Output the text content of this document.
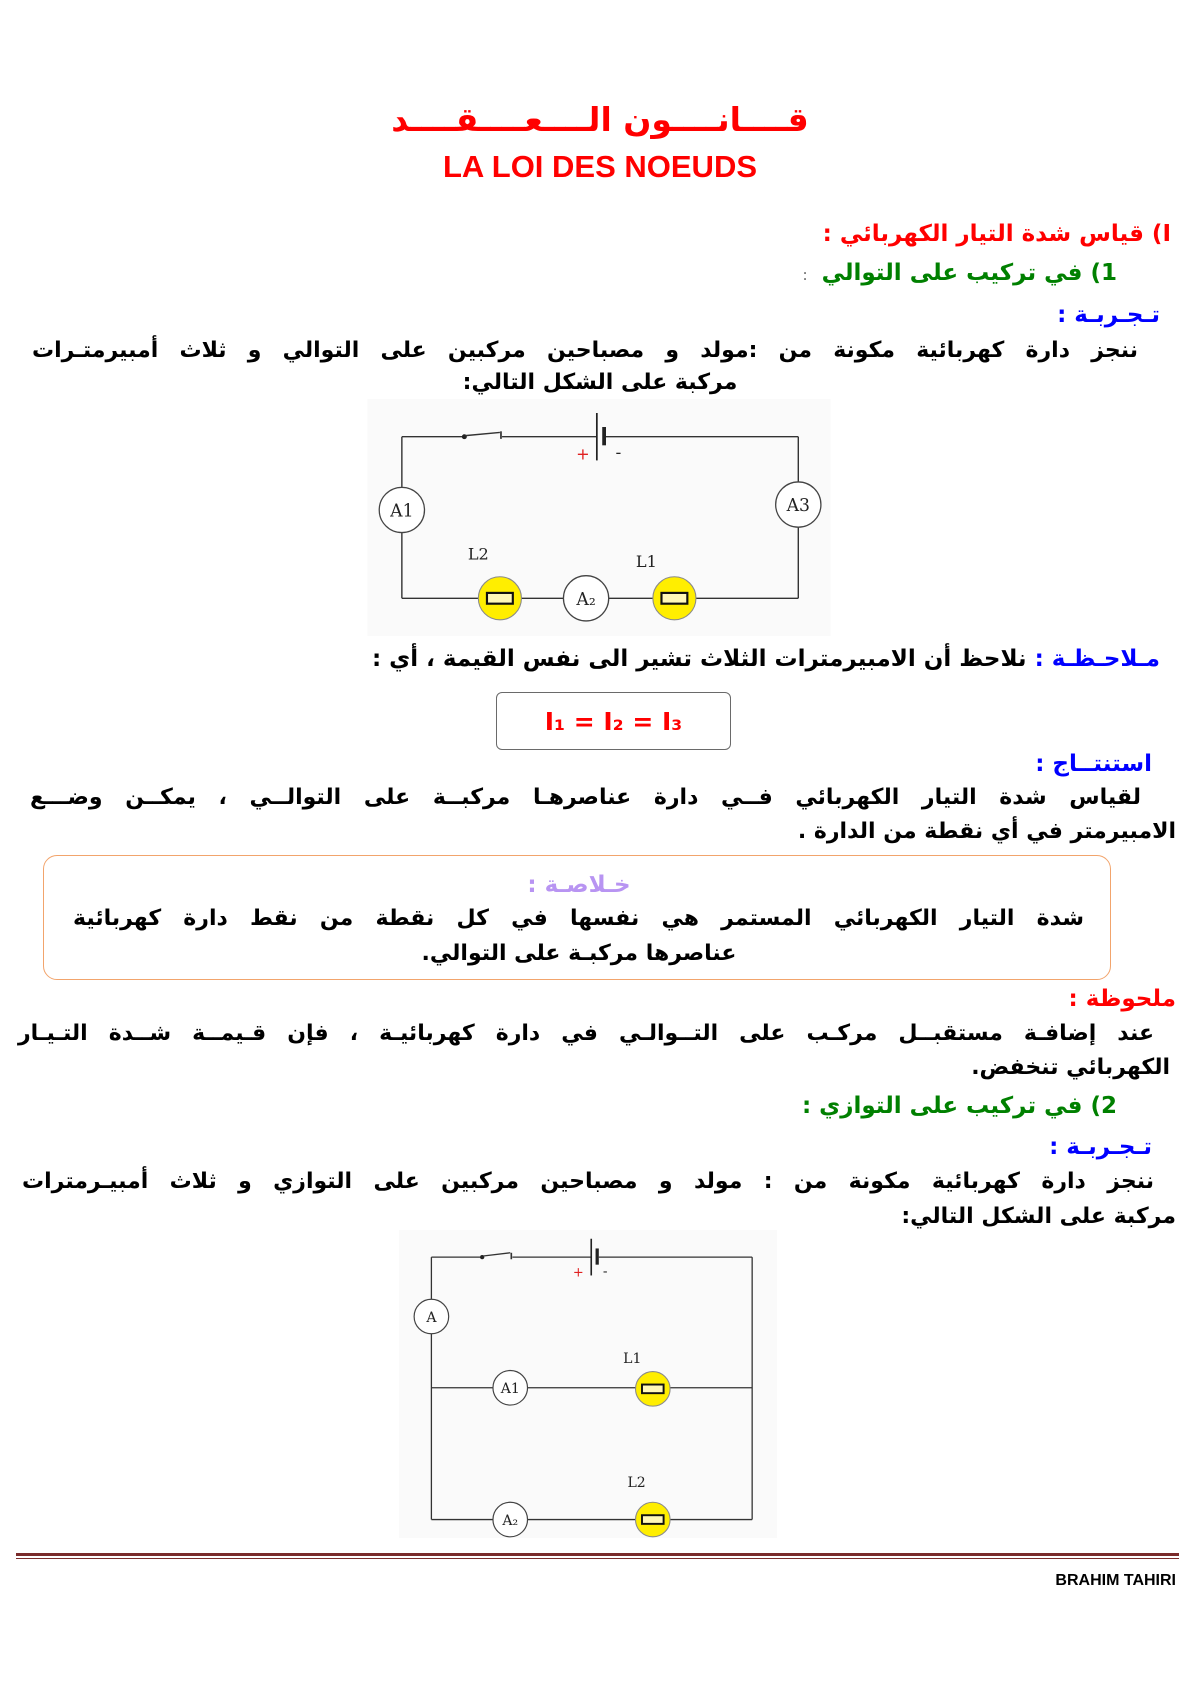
قــــانــــون الــــعــــقــــد
LA LOI DES NOEUDS
I) قياس شدة التيار الكهربائي :
1) في تركيب على التوالي:
تـجـربـة :
ننجز دارة كهربائية مكونة من :مولد و مصباحين مركبين على التوالي و ثلاث أمبيرمتـرات
مركبة على الشكل التالي:
+ -
A1	A3
L2
A₂
L1
مـلاحـظـة : نلاحظ أن الامبيرمترات الثلاث تشير الى نفس القيمة ، أي :
I₁ = I₂ = I₃
استنتــاج :
لقياس شدة التيار الكهربائي فــي دارة عناصرهـا مركبــة على التوالــي ، يمكــن وضـــع
الامبيرمتر في أي نقطة من الدارة .
خـلاصـة :
شدة التيار الكهربائي المستمر هي نفسها في كل نقطة من نقط دارة كهربائية
عناصرها مركبـة على التوالي.
ملحوظة :
عند إضافـة مستقبــل مركـب على التــوالـي في دارة كهربائيـة ، فإن قـيمــة شــدة التـيـار
الكهربائي تنخفض.
2) في تركيب على التوازي :
تـجـربـة :
ننجز دارة كهربائية مكونة من : مولد و مصباحين مركبين على التوازي و ثلاث أمبيـرمترات
مركبة على الشكل التالي:
+ -
A
A1
L1
A₂
L2
BRAHIM TAHIRI
